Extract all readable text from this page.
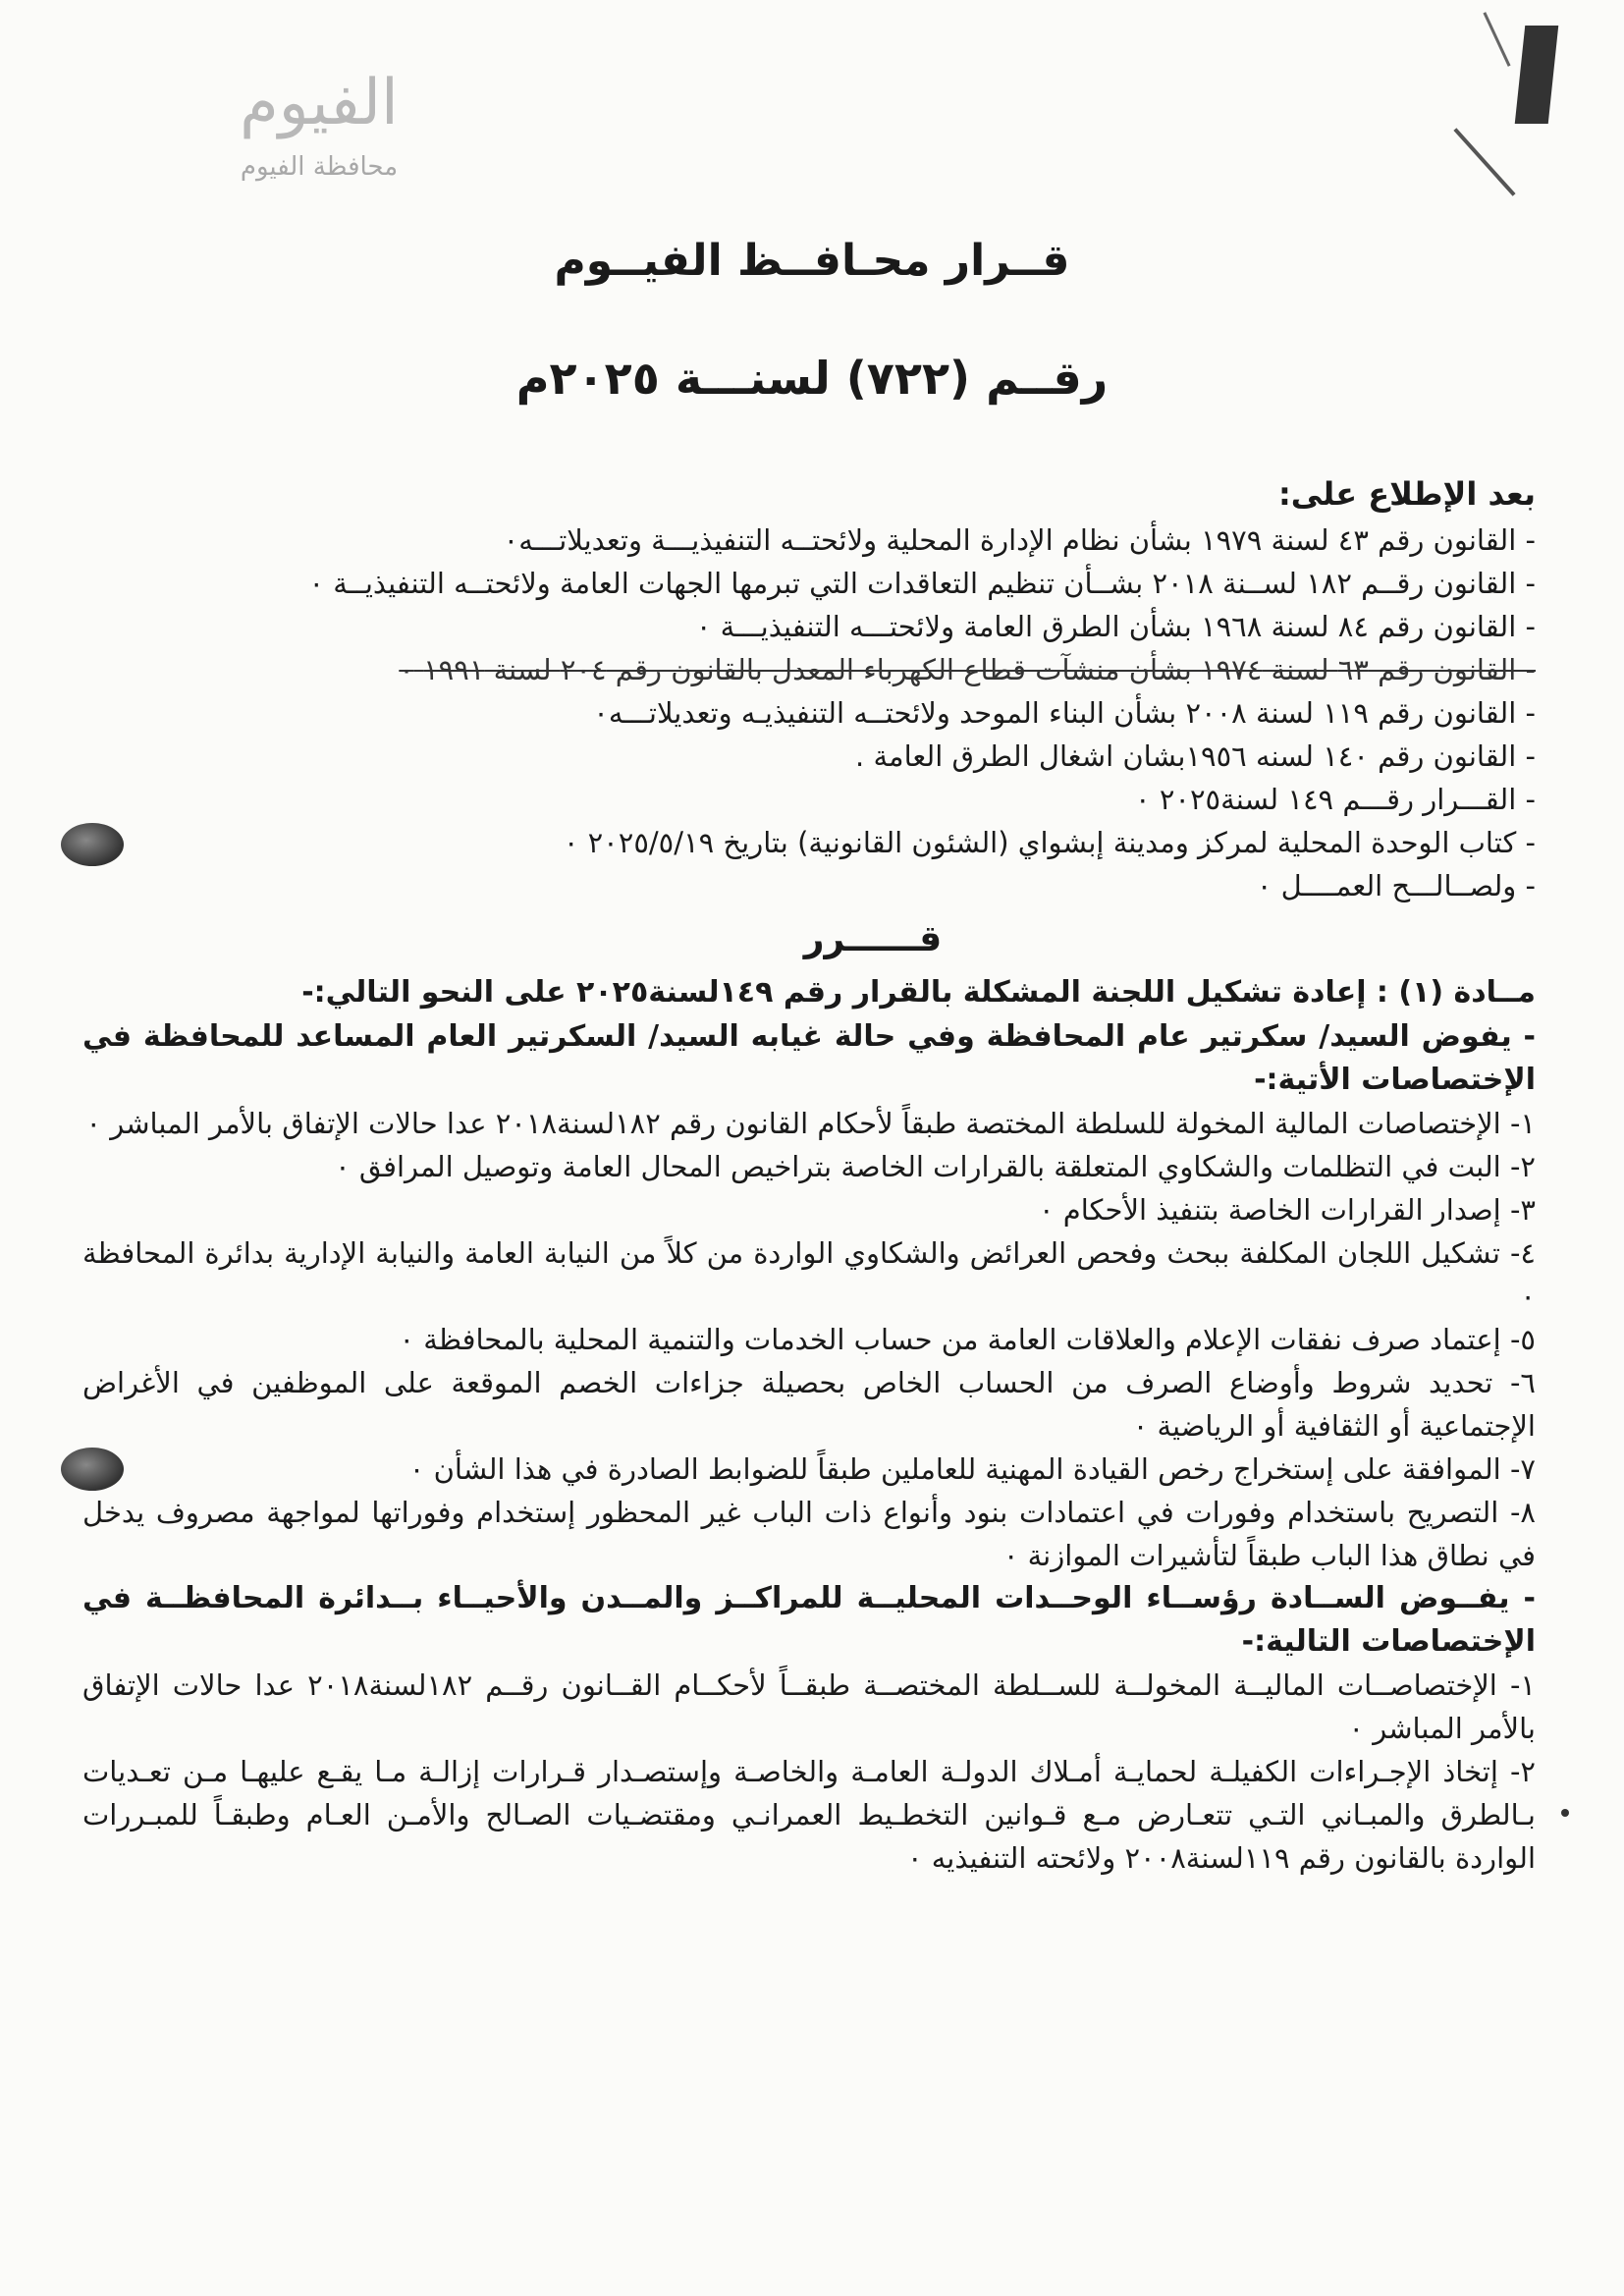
الفيوم
محافظة الفيوم
قــرار محـافــظ الفيــوم
رقــم (٧٢٢) لسنـــة ٢٠٢٥م
بعد الإطلاع على:
- القانون رقم ٤٣ لسنة ١٩٧٩ بشأن نظام الإدارة المحلية ولائحتــه التنفيذيـــة وتعديلاتـــه٠
- القانون رقــم ١٨٢ لســنة ٢٠١٨ بشــأن تنظيم التعاقدات التي تبرمها الجهات العامة ولائحتــه التنفيذيــة ٠
- القانون رقم ٨٤ لسنة ١٩٦٨ بشأن الطرق العامة ولائحتـــه التنفيذيـــة ٠
- القانون رقم ٦٣ لسنة ١٩٧٤ بشأن منشآت قطاع الكهرباء المعدل بالقانون رقم ٢٠٤ لسنة ١٩٩١ ٠
- القانون رقم ١١٩ لسنة ٢٠٠٨ بشأن البناء الموحد ولائحتــه التنفيذيـه وتعديلاتـــه٠
- القانون رقم ١٤٠ لسنه ١٩٥٦بشان اشغال الطرق العامة .
- القـــرار رقـــم ١٤٩ لسنة٢٠٢٥ ٠
- كتاب الوحدة المحلية لمركز ومدينة إبشواي (الشئون القانونية) بتاريخ ٢٠٢٥/٥/١٩ ٠
- ولصــالـــح العمــــل ٠
قــــــرر
مــادة (١) : إعادة تشكيل اللجنة المشكلة بالقرار رقم ١٤٩لسنة٢٠٢٥ على النحو التالي:-
- يفوض السيد/ سكرتير عام المحافظة وفي حالة غيابه السيد/ السكرتير العام المساعد للمحافظة في الإختصاصات الأتية:-
١- الإختصاصات المالية المخولة للسلطة المختصة طبقاً لأحكام القانون رقم ١٨٢لسنة٢٠١٨ عدا حالات الإتفاق بالأمر المباشر ٠
٢- البت في التظلمات والشكاوي المتعلقة بالقرارات الخاصة بتراخيص المحال العامة وتوصيل المرافق ٠
٣- إصدار القرارات الخاصة بتنفيذ الأحكام ٠
٤- تشكيل اللجان المكلفة ببحث وفحص العرائض والشكاوي الواردة من كلاً من النيابة العامة والنيابة الإدارية بدائرة المحافظة ٠
٥- إعتماد صرف نفقات الإعلام والعلاقات العامة من حساب الخدمات والتنمية المحلية بالمحافظة ٠
٦- تحديد شروط وأوضاع الصرف من الحساب الخاص بحصيلة جزاءات الخصم الموقعة على الموظفين في الأغراض الإجتماعية أو الثقافية أو الرياضية ٠
٧- الموافقة على إستخراج رخص القيادة المهنية للعاملين طبقاً للضوابط الصادرة في هذا الشأن ٠
٨- التصريح باستخدام وفورات في اعتمادات بنود وأنواع ذات الباب غير المحظور إستخدام وفوراتها لمواجهة مصروف يدخل في نطاق هذا الباب طبقاً لتأشيرات الموازنة ٠
- يفــوض الســادة رؤســاء الوحــدات المحليــة للمراكــز والمــدن والأحيــاء بــدائرة المحافظــة في الإختصاصات التالية:-
١- الإختصاصــات الماليــة المخولــة للســلطة المختصــة طبقــاً لأحكــام القــانون رقــم ١٨٢لسنة٢٠١٨ عدا حالات الإتفاق بالأمر المباشر ٠
٢- إتخاذ الإجـراءات الكفيلـة لحمايـة أمـلاك الدولـة العامـة والخاصـة وإستصـدار قـرارات إزالـة مـا يقـع عليهـا مـن تعـديات بـالطرق والمبـاني التـي تتعـارض مـع قـوانين التخطـيط العمرانـي ومقتضـيات الصـالح والأمـن العـام وطبقـاً للمبـررات الواردة بالقانون رقم ١١٩لسنة٢٠٠٨ ولائحته التنفيذيه ٠
